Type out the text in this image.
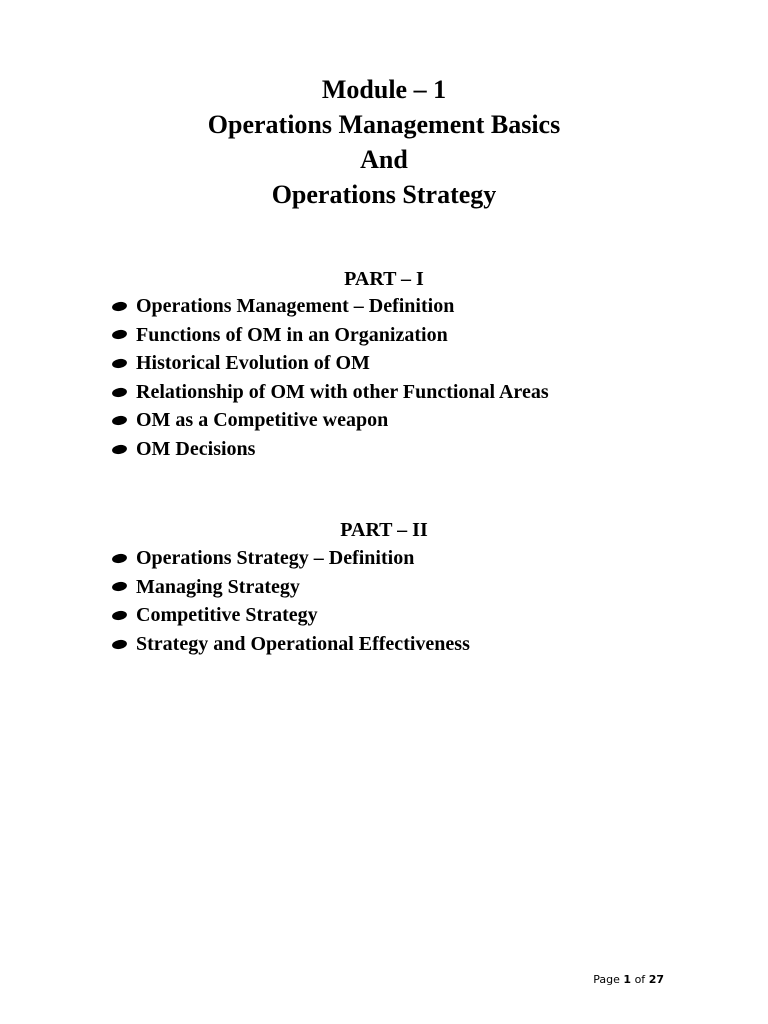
Module – 1
Operations Management Basics
And
Operations Strategy
PART – I
Operations Management – Definition
Functions of OM in an Organization
Historical Evolution of OM
Relationship of OM with other Functional Areas
OM as a Competitive weapon
OM Decisions
PART – II
Operations Strategy – Definition
Managing Strategy
Competitive Strategy
Strategy and Operational Effectiveness
Page 1 of 27
